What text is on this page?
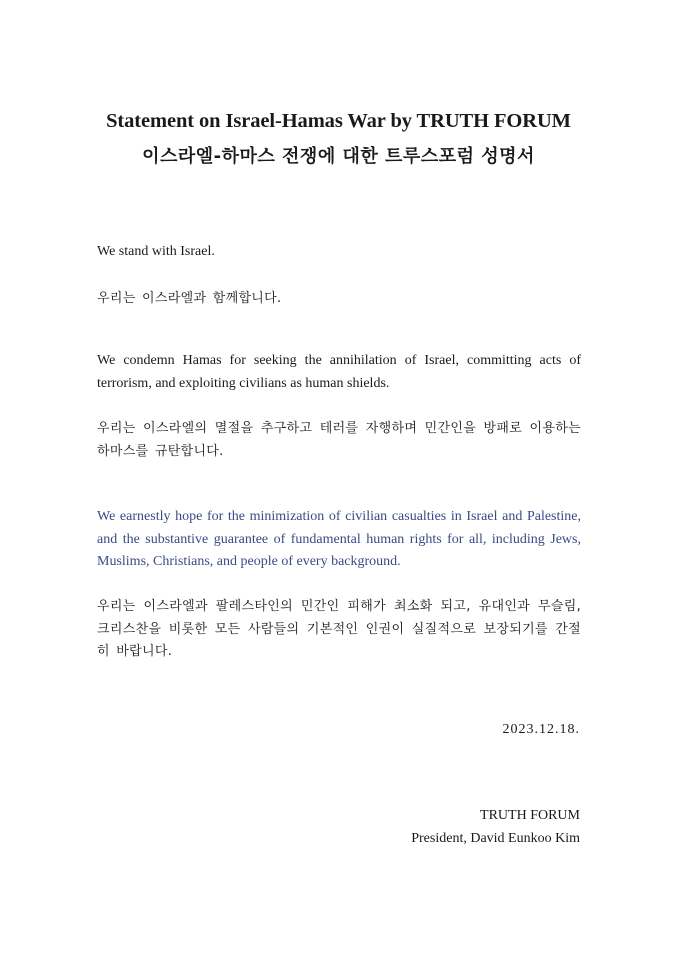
Statement on Israel-Hamas War by TRUTH FORUM
이스라엘-하마스 전쟁에 대한 트루스포럼 성명서

We stand with Israel.

우리는 이스라엘과 함께합니다.

We condemn Hamas for seeking the annihilation of Israel, committing acts of terrorism, and exploiting civilians as human shields.

우리는 이스라엘의 멸절을 추구하고 테러를 자행하며 민간인을 방패로 이용하는 하마스를 규탄합니다.

We earnestly hope for the minimization of civilian casualties in Israel and Palestine, and the substantive guarantee of fundamental human rights for all, including Jews, Muslims, Christians, and people of every background.

우리는 이스라엘과 팔레스타인의 민간인 피해가 최소화 되고, 유대인과 무슬림, 크리스찬을 비롯한 모든 사람들의 기본적인 인권이 실질적으로 보장되기를 간절히 바랍니다.

2023.12.18.
TRUTH FORUM
President, David Eunkoo Kim
